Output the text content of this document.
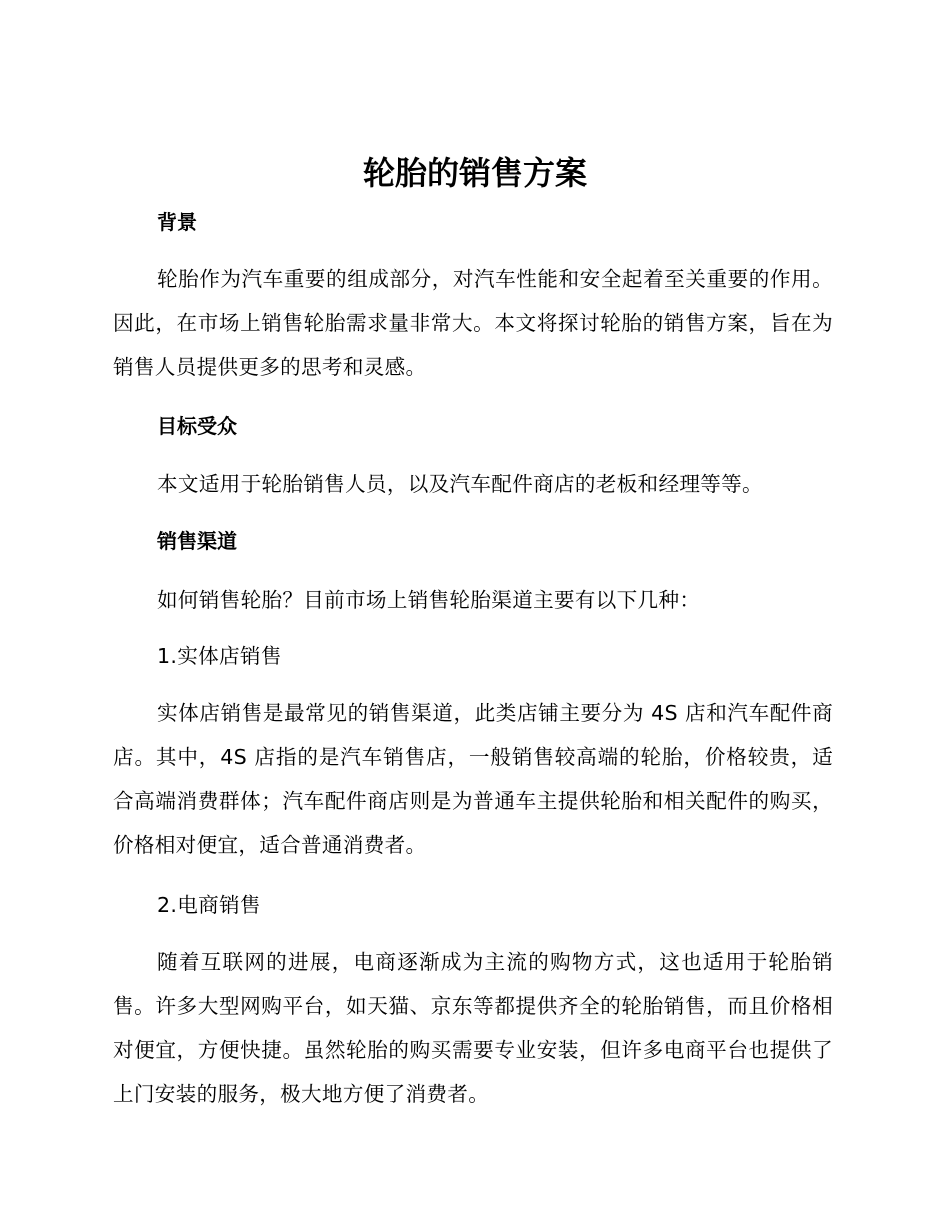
轮胎的销售方案
背景
轮胎作为汽车重要的组成部分，对汽车性能和安全起着至关重要的作用。因此，在市场上销售轮胎需求量非常大。本文将探讨轮胎的销售方案，旨在为销售人员提供更多的思考和灵感。
目标受众
本文适用于轮胎销售人员，以及汽车配件商店的老板和经理等等。
销售渠道
如何销售轮胎？目前市场上销售轮胎渠道主要有以下几种：
1.实体店销售
实体店销售是最常见的销售渠道，此类店铺主要分为 4S 店和汽车配件商店。其中，4S 店指的是汽车销售店，一般销售较高端的轮胎，价格较贵，适合高端消费群体；汽车配件商店则是为普通车主提供轮胎和相关配件的购买，价格相对便宜，适合普通消费者。
2.电商销售
随着互联网的进展，电商逐渐成为主流的购物方式，这也适用于轮胎销售。许多大型网购平台，如天猫、京东等都提供齐全的轮胎销售，而且价格相对便宜，方便快捷。虽然轮胎的购买需要专业安装，但许多电商平台也提供了上门安装的服务，极大地方便了消费者。
